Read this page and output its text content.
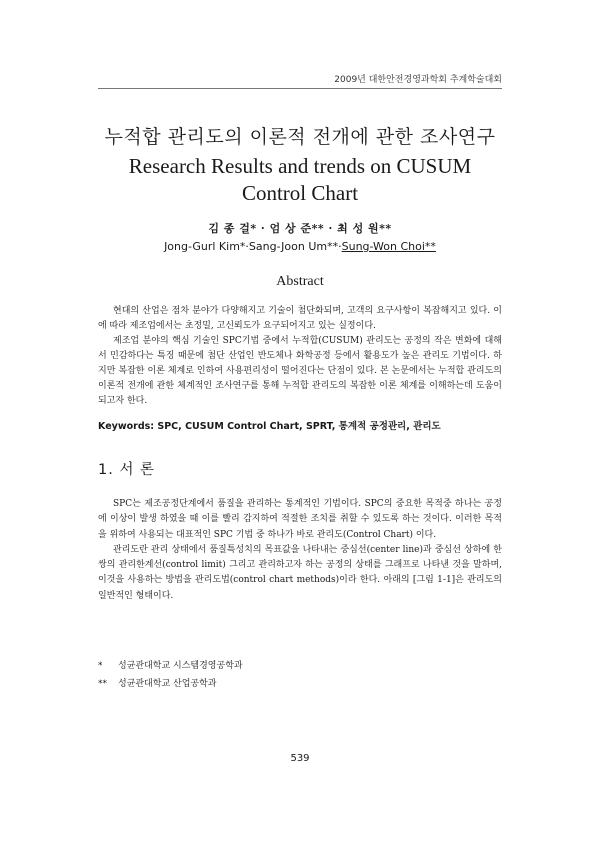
2009년 대한안전경영과학회 추계학술대회
누적합 관리도의 이론적 전개에 관한 조사연구
Research Results and trends on CUSUM
Control Chart
김 종 걸* · 엄 상 준** · 최 성 원**
Jong-Gurl Kim*·Sang-Joon Um**·Sung-Won Choi**
Abstract

현대의 산업은 점차 분야가 다양해지고 기술이 첨단화되며, 고객의 요구사항이 복잡해지고 있다. 이에 따라 제조업에서는 초정밀, 고신뢰도가 요구되어지고 있는 실정이다.

제조업 분야의 핵심 기술인 SPC기법 중에서 누적합(CUSUM) 관리도는 공정의 작은 변화에 대해서 민감하다는 특징 때문에 첨단 산업인 반도체나 화학공정 등에서 활용도가 높은 관리도 기법이다. 하지만 복잡한 이론 체계로 인하여 사용편리성이 떨어진다는 단점이 있다. 본 논문에서는 누적합 관리도의 이론적 전개에 관한 체계적인 조사연구를 통해 누적합 관리도의 복잡한 이론 체계를 이해하는데 도움이 되고자 한다.

Keywords: SPC, CUSUM Control Chart, SPRT, 통계적 공정관리, 관리도
1. 서 론

SPC는 제조공정단계에서 품질을 관리하는 통계적인 기법이다. SPC의 중요한 목적중 하나는 공정에 이상이 발생 하였을 때 이를 빨리 감지하여 적절한 조치를 취할 수 있도록 하는 것이다. 이러한 목적을 위하여 사용되는 대표적인 SPC 기법 중 하나가 바로 관리도(Control Chart) 이다.

관리도란 관리 상태에서 품질특성치의 목표값을 나타내는 중심선(center line)과 중심선 상하에 한 쌍의 관리한계선(control limit) 그리고 관리하고자 하는 공정의 상태를 그래프로 나타낸 것을 말하며, 이것을 사용하는 방법을 관리도법(control chart methods)이라 한다. 아래의 [그림 1-1]은 관리도의 일반적인 형태이다.

*	성균관대학교 시스템경영공학과
**	성균관대학교 산업공학과
539
